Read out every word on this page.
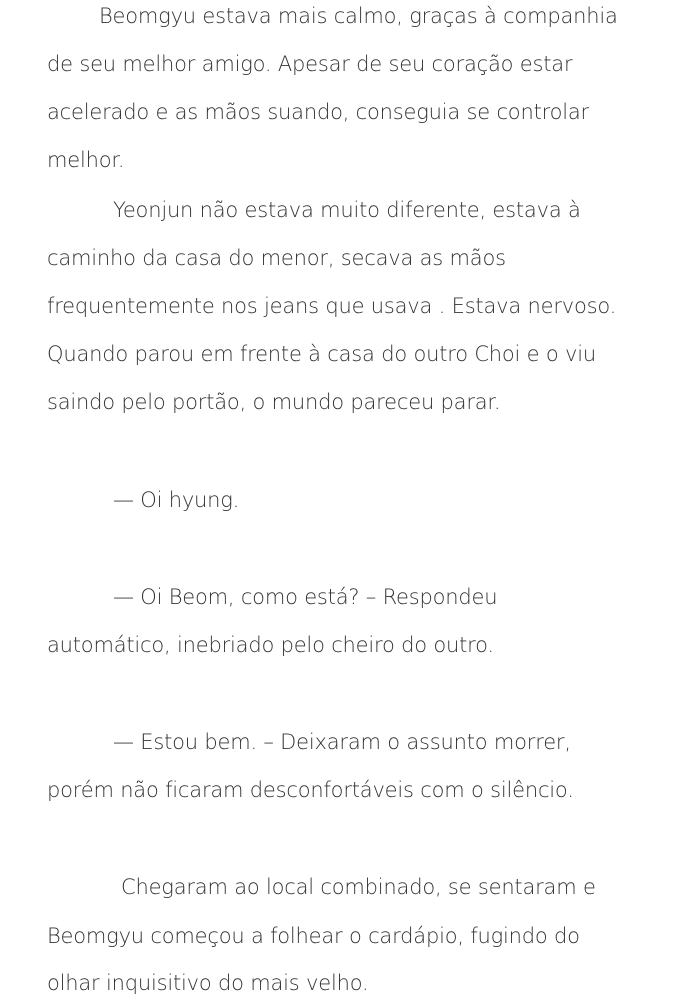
Beomgyu estava mais calmo, graças à companhia
de seu melhor amigo. Apesar de seu coração estar
acelerado e as mãos suando, conseguia se controlar
melhor.
Yeonjun não estava muito diferente, estava à
caminho da casa do menor, secava as mãos
frequentemente nos jeans que usava . Estava nervoso.
Quando parou em frente à casa do outro Choi e o viu
saindo pelo portão, o mundo pareceu parar.
— Oi hyung.
— Oi Beom, como está? – Respondeu
automático, inebriado pelo cheiro do outro.
— Estou bem. – Deixaram o assunto morrer,
porém não ficaram desconfortáveis com o silêncio.
Chegaram ao local combinado, se sentaram e
Beomgyu começou a folhear o cardápio, fugindo do
olhar inquisitivo do mais velho.
